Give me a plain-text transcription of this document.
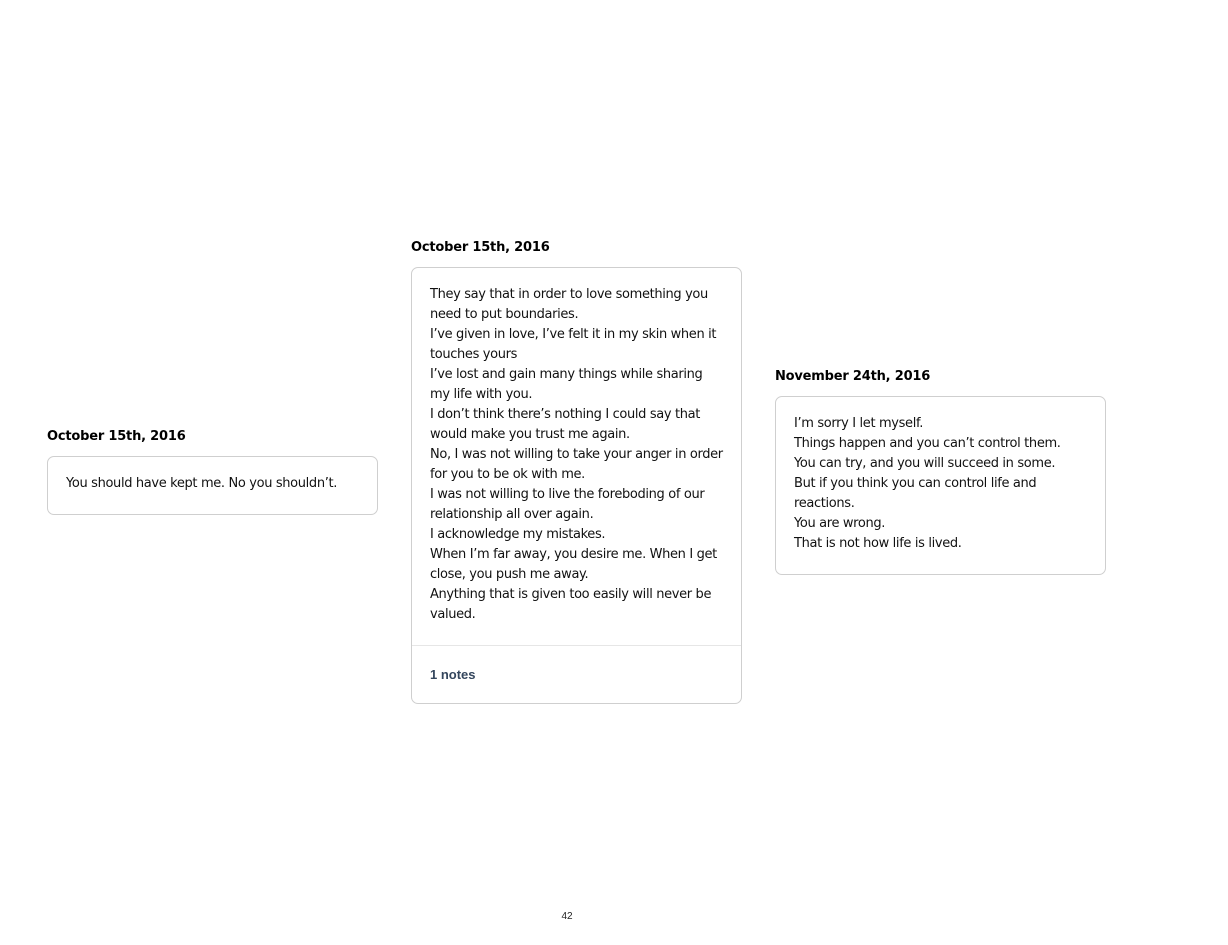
October 15th, 2016

You should have kept me. No you shouldn’t.

October 15th, 2016

They say that in order to love something you need to put boundaries.

I’ve given in love, I’ve felt it in my skin when it touches yours

I’ve lost and gain many things while sharing my life with you.

I don’t think there’s nothing I could say that would make you trust me again.

No, I was not willing to take your anger in order for you to be ok with me.

I was not willing to live the foreboding of our relationship all over again.

I acknowledge my mistakes.

When I’m far away, you desire me. When I get close, you push me away.

Anything that is given too easily will never be valued.

1 notes
November 24th, 2016

I’m sorry I let myself.

Things happen and you can’t control them.

You can try, and you will succeed in some.

But if you think you can control life and reactions.

You are wrong.

That is not how life is lived.

42
